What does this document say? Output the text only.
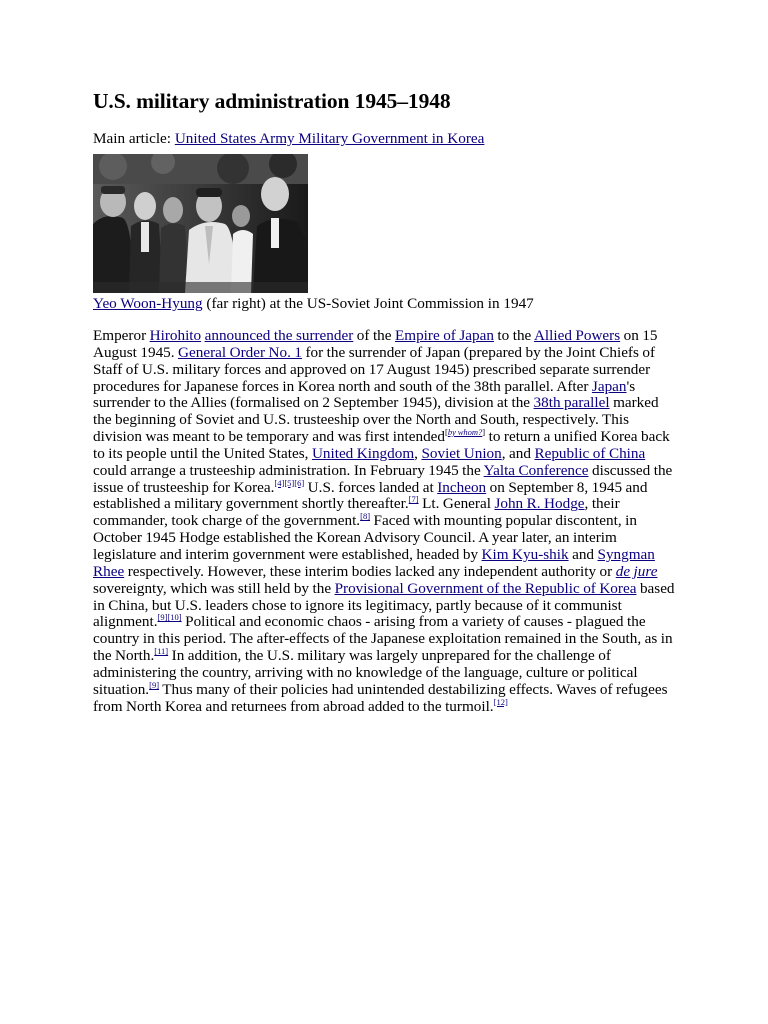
U.S. military administration 1945–1948
Main article: United States Army Military Government in Korea
Yeo Woon-Hyung (far right) at the US-Soviet Joint Commission in 1947
Emperor Hirohito announced the surrender of the Empire of Japan to the Allied Powers on 15 August 1945. General Order No. 1 for the surrender of Japan (prepared by the Joint Chiefs of Staff of U.S. military forces and approved on 17 August 1945) prescribed separate surrender procedures for Japanese forces in Korea north and south of the 38th parallel. After Japan's surrender to the Allies (formalised on 2 September 1945), division at the 38th parallel marked the beginning of Soviet and U.S. trusteeship over the North and South, respectively. This division was meant to be temporary and was first intended[by whom?] to return a unified Korea back to its people until the United States, United Kingdom, Soviet Union, and Republic of China could arrange a trusteeship administration. In February 1945 the Yalta Conference discussed the issue of trusteeship for Korea.[4][5][6] U.S. forces landed at Incheon on September 8, 1945 and established a military government shortly thereafter.[7] Lt. General John R. Hodge, their commander, took charge of the government.[8] Faced with mounting popular discontent, in October 1945 Hodge established the Korean Advisory Council. A year later, an interim legislature and interim government were established, headed by Kim Kyu-shik and Syngman Rhee respectively. However, these interim bodies lacked any independent authority or de jure sovereignty, which was still held by the Provisional Government of the Republic of Korea based in China, but U.S. leaders chose to ignore its legitimacy, partly because of it communist alignment.[9][10] Political and economic chaos - arising from a variety of causes - plagued the country in this period. The after-effects of the Japanese exploitation remained in the South, as in the North.[11] In addition, the U.S. military was largely unprepared for the challenge of administering the country, arriving with no knowledge of the language, culture or political situation.[9] Thus many of their policies had unintended destabilizing effects. Waves of refugees from North Korea and returnees from abroad added to the turmoil.[12]
